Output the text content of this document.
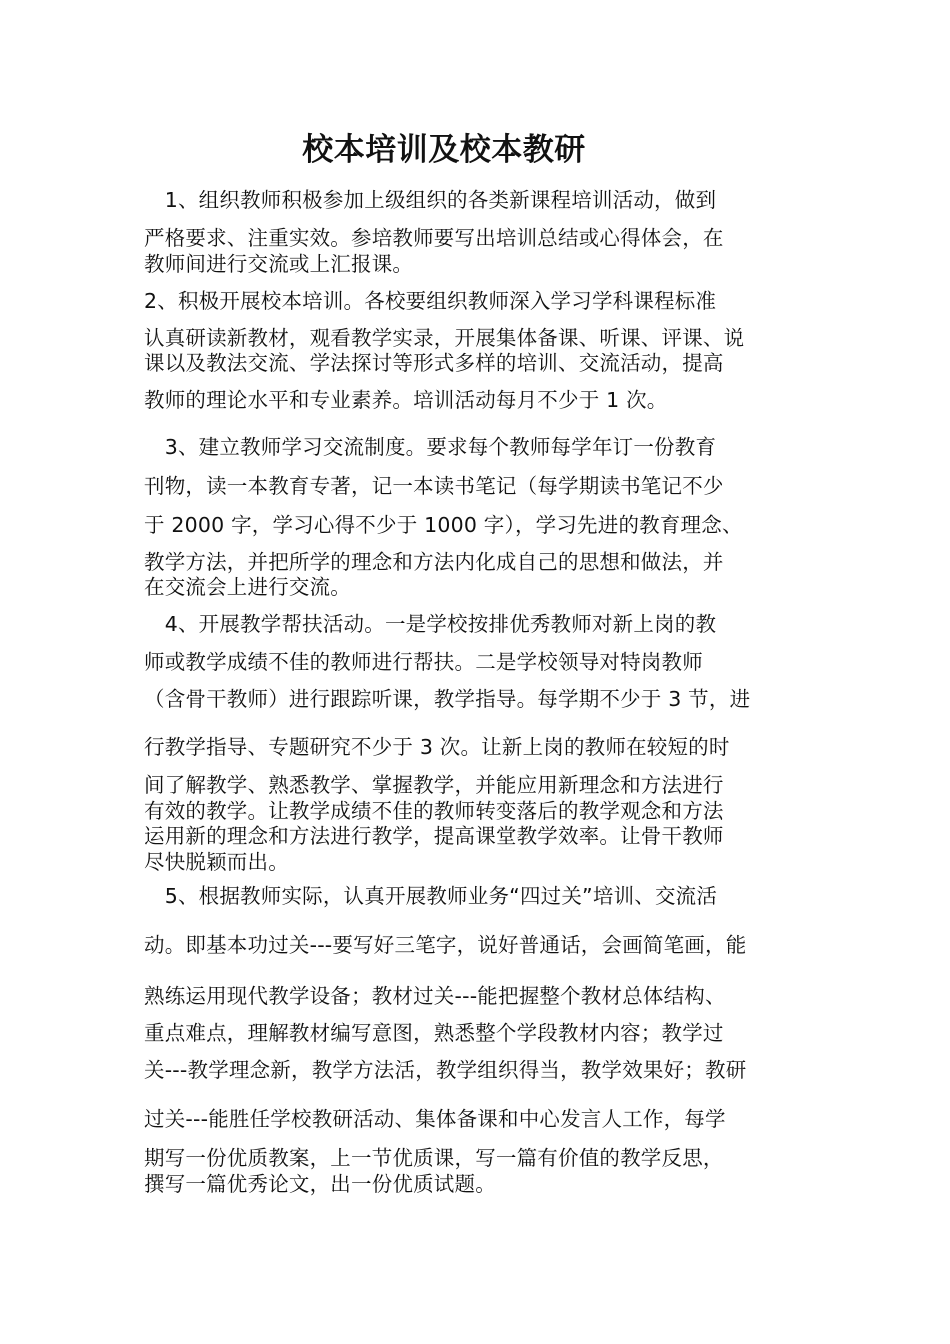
校本培训及校本教研

　1、组织教师积极参加上级组织的各类新课程培训活动，做到

严格要求、注重实效。参培教师要写出培训总结或心得体会，在

教师间进行交流或上汇报课。

2、积极开展校本培训。各校要组织教师深入学习学科课程标准

认真研读新教材，观看教学实录，开展集体备课、听课、评课、说

课以及教法交流、学法探讨等形式多样的培训、交流活动，提高

教师的理论水平和专业素养。培训活动每月不少于 1 次。

　3、建立教师学习交流制度。要求每个教师每学年订一份教育

刊物，读一本教育专著，记一本读书笔记（每学期读书笔记不少

于 2000 字，学习心得不少于 1000 字），学习先进的教育理念、

教学方法，并把所学的理念和方法内化成自己的思想和做法，并

在交流会上进行交流。

　4、开展教学帮扶活动。一是学校按排优秀教师对新上岗的教

师或教学成绩不佳的教师进行帮扶。二是学校领导对特岗教师

（含骨干教师）进行跟踪听课，教学指导。每学期不少于 3 节，进

行教学指导、专题研究不少于 3 次。让新上岗的教师在较短的时

间了解教学、熟悉教学、掌握教学，并能应用新理念和方法进行

有效的教学。让教学成绩不佳的教师转变落后的教学观念和方法

运用新的理念和方法进行教学，提高课堂教学效率。让骨干教师

尽快脱颖而出。

　5、根据教师实际，认真开展教师业务“四过关”培训、交流活

动。即基本功过关---要写好三笔字，说好普通话，会画简笔画，能

熟练运用现代教学设备；教材过关---能把握整个教材总体结构、

重点难点，理解教材编写意图，熟悉整个学段教材内容；教学过

关---教学理念新，教学方法活，教学组织得当，教学效果好；教研

过关---能胜任学校教研活动、集体备课和中心发言人工作，每学

期写一份优质教案，上一节优质课，写一篇有价值的教学反思，

撰写一篇优秀论文，出一份优质试题。
